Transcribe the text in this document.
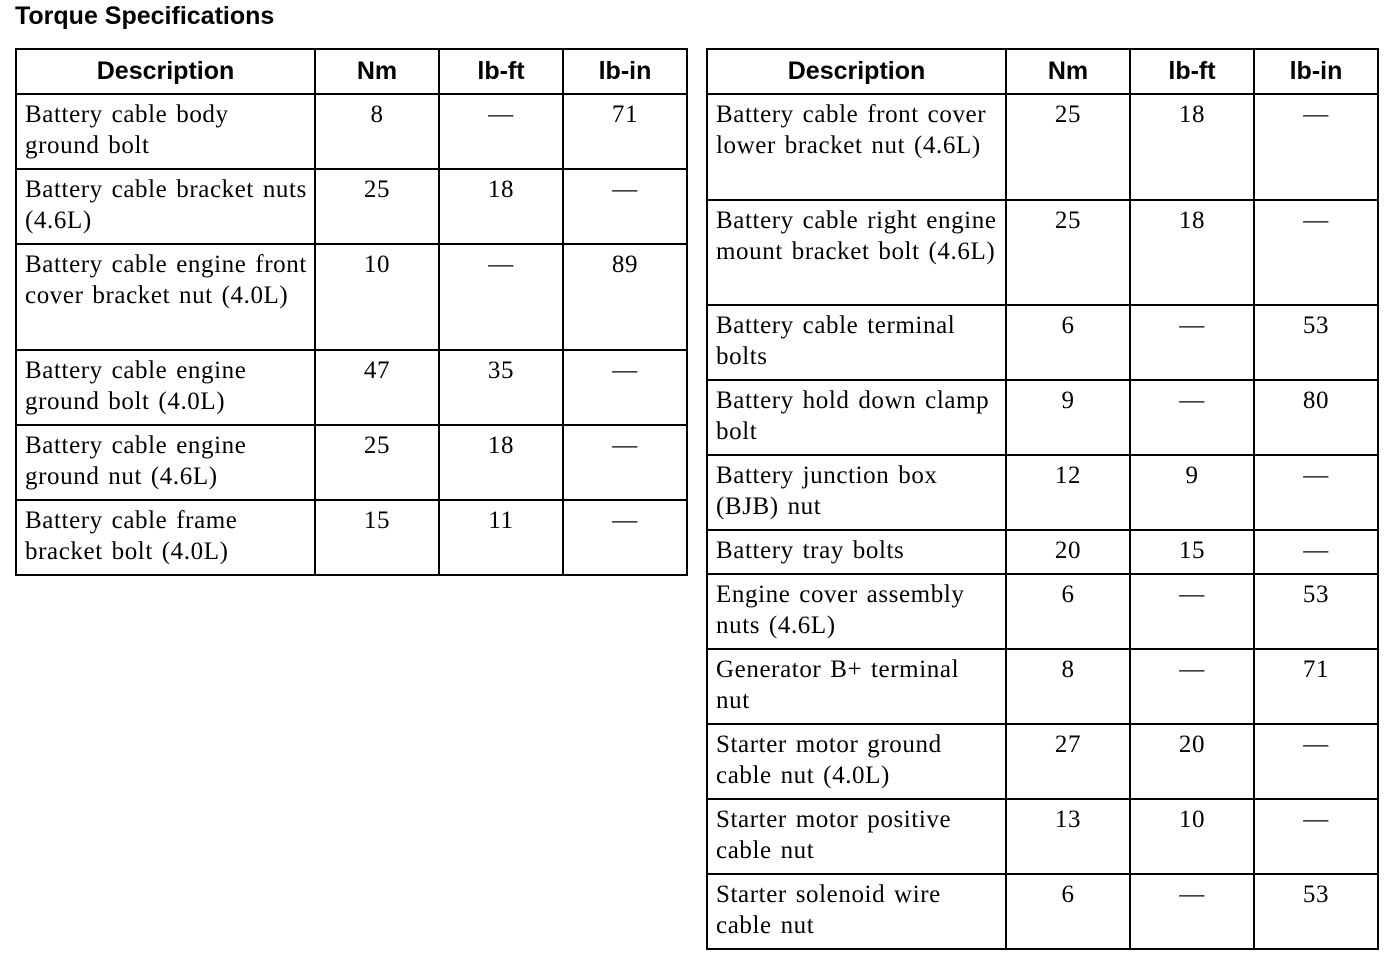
Torque Specifications
Description	Nm	lb-ft	lb-in
Battery cable body ground bolt	8	—	71
Battery cable bracket nuts (4.6L)	25	18	—
Battery cable engine front cover bracket nut (4.0L)	10	—	89
Battery cable engine ground bolt (4.0L)	47	35	—
Battery cable engine ground nut (4.6L)	25	18	—
Battery cable frame bracket bolt (4.0L)	15	11	—
Description	Nm	lb-ft	lb-in
Battery cable front cover lower bracket nut (4.6L)	25	18	—
Battery cable right engine mount bracket bolt (4.6L)	25	18	—
Battery cable terminal bolts	6	—	53
Battery hold down clamp bolt	9	—	80
Battery junction box (BJB) nut	12	9	—
Battery tray bolts	20	15	—
Engine cover assembly nuts (4.6L)	6	—	53
Generator B+ terminal nut	8	—	71
Starter motor ground cable nut (4.0L)	27	20	—
Starter motor positive cable nut	13	10	—
Starter solenoid wire cable nut	6	—	53
